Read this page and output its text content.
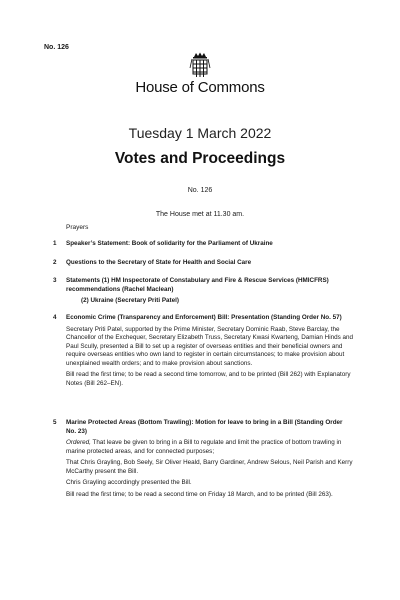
No. 126
House of Commons
Tuesday 1 March 2022
Votes and Proceedings
No. 126
The House met at 11.30 am.
Prayers
1 Speaker’s Statement: Book of solidarity for the Parliament of Ukraine
2 Questions to the Secretary of State for Health and Social Care
3 Statements (1) HM Inspectorate of Constabulary and Fire & Rescue Services (HMICFRS) recommendations (Rachel Maclean)
(2) Ukraine (Secretary Priti Patel)
4 Economic Crime (Transparency and Enforcement) Bill: Presentation (Standing Order No. 57)

Secretary Priti Patel, supported by the Prime Minister, Secretary Dominic Raab, Steve Barclay, the Chancellor of the Exchequer, Secretary Elizabeth Truss, Secretary Kwasi Kwarteng, Damian Hinds and Paul Scully, presented a Bill to set up a register of overseas entities and their beneficial owners and require overseas entities who own land to register in certain circumstances; to make provision about unexplained wealth orders; and to make provision about sanctions.

Bill read the first time; to be read a second time tomorrow, and to be printed (Bill 262) with Explanatory Notes (Bill 262–EN).

5 Marine Protected Areas (Bottom Trawling): Motion for leave to bring in a Bill (Standing Order No. 23)

Ordered, That leave be given to bring in a Bill to regulate and limit the practice of bottom trawling in marine protected areas, and for connected purposes;

That Chris Grayling, Bob Seely, Sir Oliver Heald, Barry Gardiner, Andrew Selous, Neil Parish and Kerry McCarthy present the Bill.

Chris Grayling accordingly presented the Bill.

Bill read the first time; to be read a second time on Friday 18 March, and to be printed (Bill 263).
